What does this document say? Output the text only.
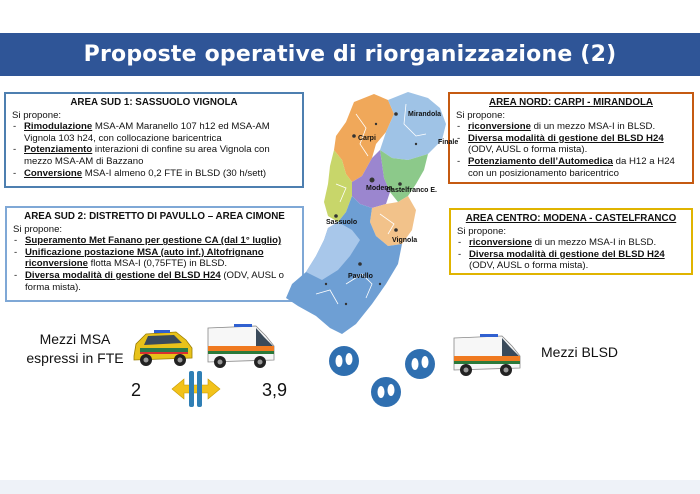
Proposte operative di riorganizzazione (2)
AREA SUD 1: SASSUOLO VIGNOLA
Si propone:
- Rimodulazione MSA-AM Maranello 107 h12 ed MSA-AM Vignola 103 h24, con collocazione baricentrica
- Potenziamento interazioni di confine su area Vignola con mezzo MSA-AM di Bazzano
- Conversione MSA-I almeno 0,2 FTE in BLSD (30 h/sett)
AREA SUD 2: DISTRETTO DI PAVULLO – AREA CIMONE
Si propone:
- Superamento Met Fanano per gestione CA (dal 1° luglio)
- Unificazione postazione MSA (auto inf.) Altofrignano riconversione flotta MSA-I (0,75FTE) in BLSD.
- Diversa modalità di gestione del BLSD H24 (ODV, AUSL o forma mista).
AREA NORD: CARPI - MIRANDOLA
Si propone:
- riconversione di un mezzo MSA-I in BLSD.
- Diversa modalità di gestione del BLSD H24 (ODV, AUSL o forma mista).
- Potenziamento dell’Automedica da H12 a H24 con un posizionamento baricentrico
AREA CENTRO: MODENA - CASTELFRANCO
Si propone:
- riconversione di un mezzo MSA-I in BLSD.
- Diversa modalità di gestione del BLSD H24 (ODV, AUSL o forma mista).
Mirandola
Carpi
Finale
Modena
Castelfranco E.
Sassuolo
Vignola
Pavullo
Mezzi MSA
espressi in FTE
2	3,9
Mezzi BLSD
